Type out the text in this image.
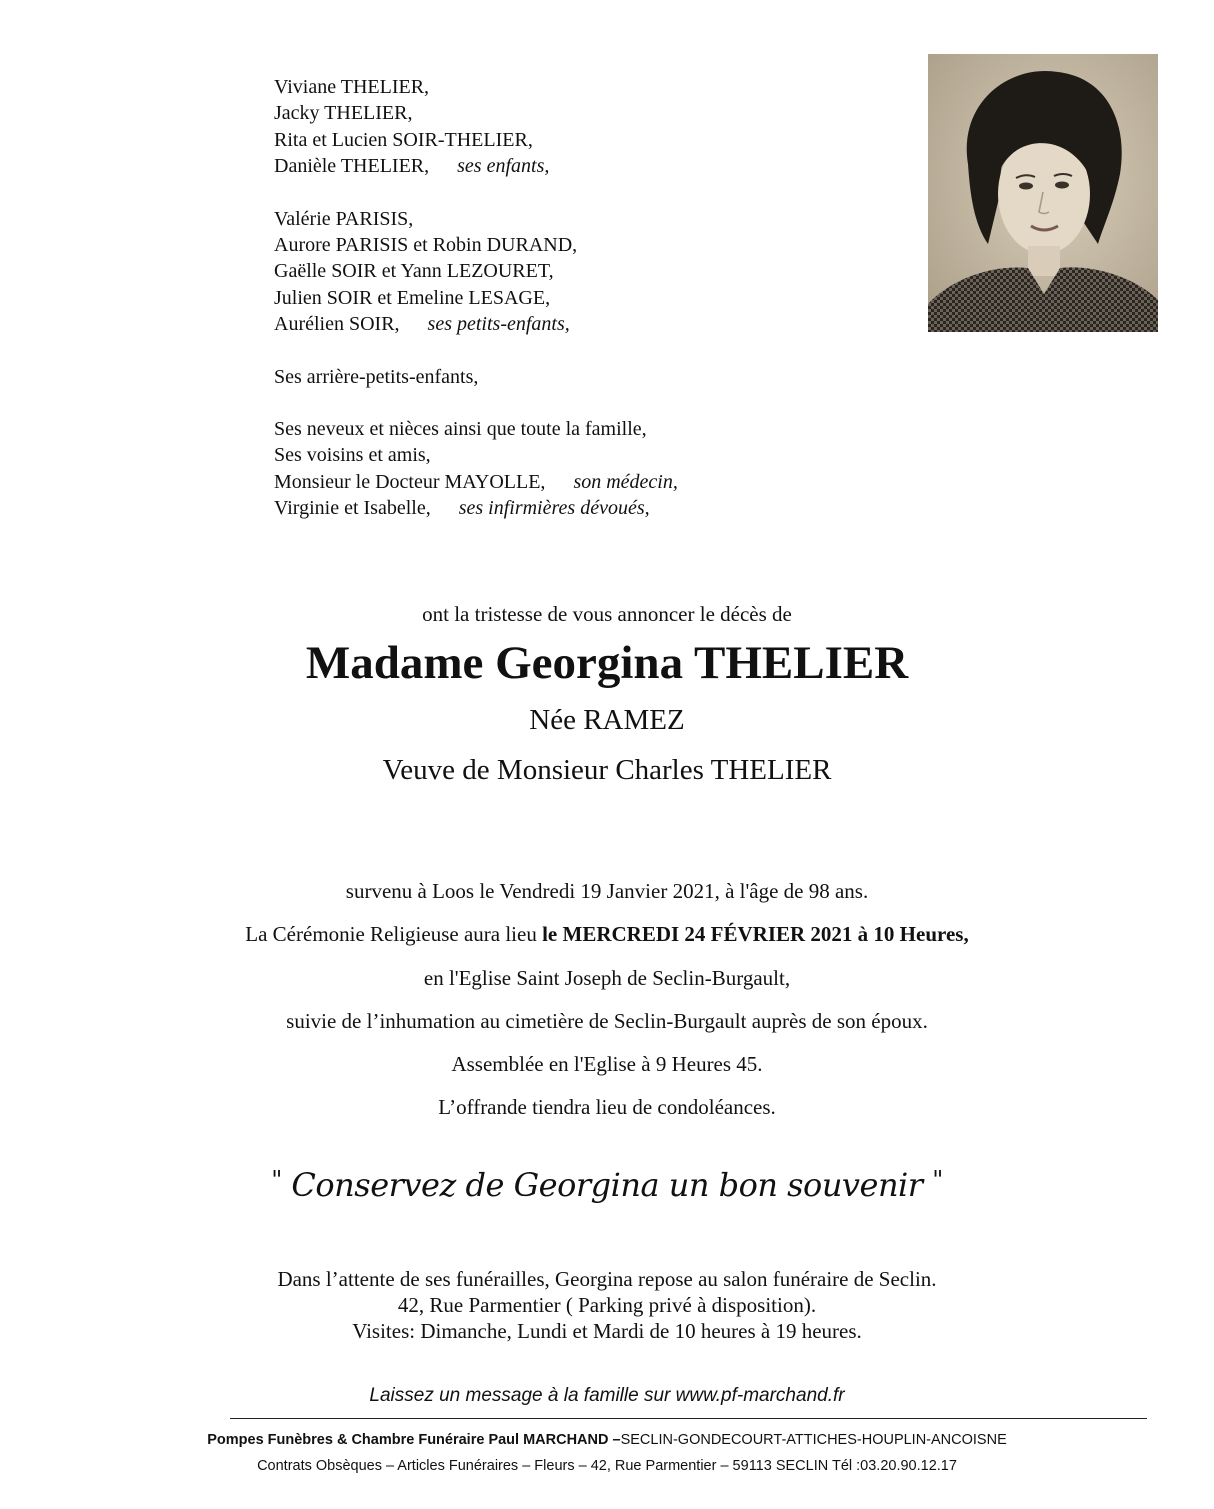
Viviane THELIER,
Jacky THELIER,
Rita et Lucien SOIR-THELIER,
Danièle THELIER, ses enfants,
Valérie PARISIS,
Aurore PARISIS et Robin DURAND,
Gaëlle SOIR et Yann LEZOURET,
Julien SOIR et Emeline LESAGE,
Aurélien SOIR, ses petits-enfants,
Ses arrière-petits-enfants,
Ses neveux et nièces ainsi que toute la famille,
Ses voisins et amis,
Monsieur le Docteur MAYOLLE, son médecin,
Virginie et Isabelle, ses infirmières dévoués,
ont la tristesse de vous annoncer le décès de
Madame Georgina THELIER
Née RAMEZ
Veuve de Monsieur Charles THELIER
survenu à Loos le Vendredi 19 Janvier 2021, à l'âge de 98 ans.
La Cérémonie Religieuse aura lieu le MERCREDI 24 FÉVRIER 2021 à 10 Heures,
en l'Eglise Saint Joseph de Seclin-Burgault,
suivie de l’inhumation au cimetière de Seclin-Burgault auprès de son époux.
Assemblée en l'Eglise à 9 Heures 45.
L’offrande tiendra lieu de condoléances.
" Conservez de Georgina un bon souvenir "
Dans l’attente de ses funérailles, Georgina repose au salon funéraire de Seclin.
42, Rue Parmentier ( Parking privé à disposition).
Visites: Dimanche, Lundi et Mardi de 10 heures à 19 heures.
Laissez un message à la famille sur www.pf-marchand.fr
Pompes Funèbres & Chambre Funéraire Paul MARCHAND –SECLIN-GONDECOURT-ATTICHES-HOUPLIN-ANCOISNE
Contrats Obsèques – Articles Funéraires – Fleurs – 42, Rue Parmentier – 59113 SECLIN Tél :03.20.90.12.17
